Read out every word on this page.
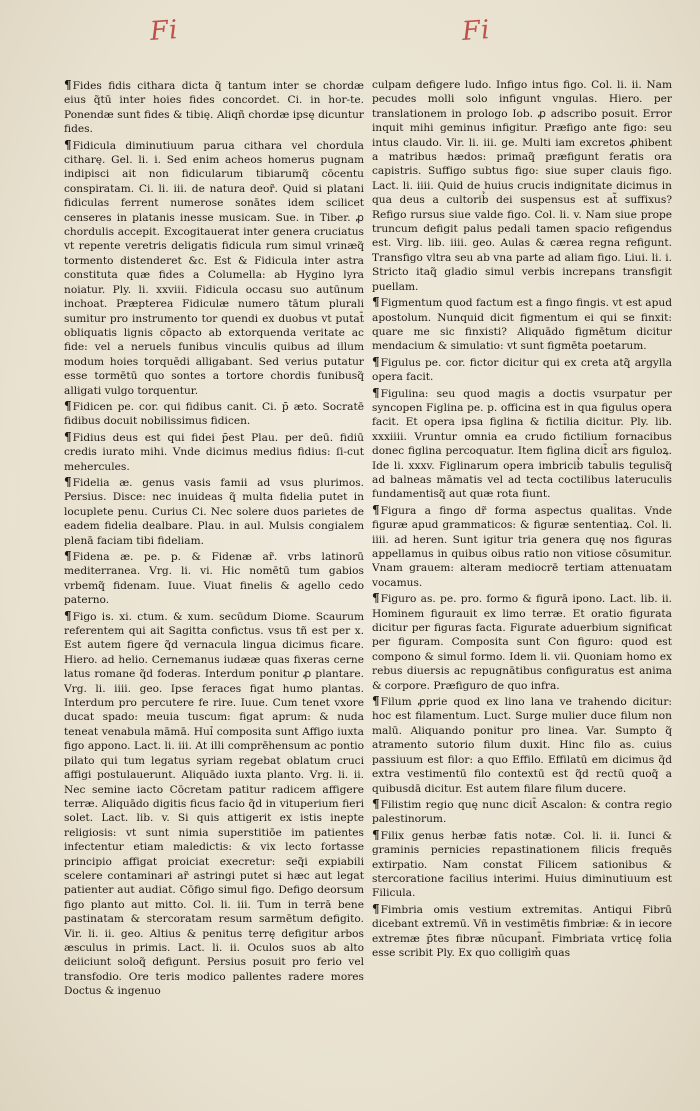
Fi	Fi

¶Fides fidis cithara dicta q̃ tantum inter se chordæ eius q̃tū inter hoies fides concordet. Ci. in hor-te. Ponendæ sunt fides & tibię. Aliqñ chordæ ipsę dicuntur fides.

¶Fidicula diminutiuum parua cithara vel chordula citharę. Gel. li. i. Sed enim acheos homerus pugnam indipisci ait non fidicularum tibiarumq̃ cōcentu conspiratam. Ci. li. iii. de natura deor̃. Quid si platani fidiculas ferrent numerose sonātes idem scilicet censeres in platanis inesse musicam. Sue. in Tiber. ꝓ chordulis accepit. Excogitauerat inter genera cruciatus vt repente veretris deligatis fidicula rum simul vrinæq̃ tormento distenderet &c. Est & Fidicula inter astra constituta quæ fides a Columella: ab Hygino lyra noiatur. Ply. li. xxviii. Fidicula occasu suo autūnum inchoat. Præpterea Fidiculæ numero tātum plurali sumitur pro instrumento tor quendi ex duobus vt putat̄ obliquatis lignis cōpacto ab extorquenda veritate ac fide: vel a neruels funibus vinculis quibus ad illum modum hoies torquēdi alligabant. Sed verius putatur esse tormētū quo sontes a tortore chordis funibusq̃ alligati vulgo torquentur.

¶Fidicen pe. cor. qui fidibus canit. Ci. p̄ æto. Socratē fidibus docuit nobilissimus fidicen.

¶Fidius deus est qui fidei p̄est Plau. per deū. fidiū credis iurato mihi. Vnde dicimus medius fidius: ſi-cut mehercules.

¶Fidelia æ. genus vasis famii ad vsus plurimos. Persius. Disce: nec inuideas q̃ multa fidelia putet in locuplete penu. Curius Ci. Nec solere duos parietes de eadem fidelia dealbare. Plau. in aul. Mulsis congialem plenā faciam tibi fideliam.

¶Fidena æ. pe. p. & Fidenæ ar̃. vrbs latinorū mediterranea. Vrg. li. vi. Hic nomētū tum gabios vrbemq̃ fidenam. Iuue. Viuat finelis & agello cedo paterno.

¶Figo is. xi. ctum. & xum. secūdum Diome. Scaurum referentem qui ait Sagitta confictus. vsus tñ est per x. Est autem figere q̃d vernacula lingua dicimus ficare. Hiero. ad helio. Cernemanus iudææ quas fixeras cerne latus romane q̃d foderas. Interdum ponitur ꝓ plantare. Vrg. li. iiii. geo. Ipse feraces figat humo plantas. Interdum pro percutere fe rire. Iuue. Cum tenet vxore ducat spado: meuia tuscum: figat aprum: & nuda teneat venabula māmā. Huỉ composita sunt Affigo iuxta figo appono. Lact. li. iii. At illi comprēhensum ac pontio pilato qui tum legatus syriam regebat oblatum cruci affigi postulauerunt. Aliquādo iuxta planto. Vrg. li. ii. Nec semine iacto Cōcretam patitur radicem affigere terræ. Aliquādo digitis ficus facio q̃d in vituperium fieri solet. Lact. lib. v. Si quis attigerit ex istis inepte religiosis: vt sunt nimia superstitiōe im patientes infectentur etiam maledictis: & vix lecto fortasse principio affigat proiciat execretur: seq̃i expiabili scelere contaminari ar̃ astringi putet si hæc aut legat patienter aut audiat. Cōfigo simul figo. Defigo deorsum figo planto aut mitto. Col. li. iii. Tum in terrā bene pastinatam & stercoratam resum sarmētum defigito. Vir. li. ii. geo. Altius & penitus terrę defigitur arbos æsculus in primis. Lact. li. ii. Oculos suos ab alto deiiciunt soloq̃ defigunt. Persius posuit pro ferio vel transfodio. Ore teris modico pallentes radere mores Doctus & ingenuo

culpam defigere ludo. Infigo intus figo. Col. li. ii. Nam pecudes molli solo infigunt vngulas. Hiero. per translationem in prologo Iob. ꝓ adscribo posuit. Error inquit mihi geminus infigitur. Præfigo ante figo: seu intus claudo. Vir. li. iii. ge. Multi iam excretos ꝓhibent a matribus hædos: primaq̃ præfigunt feratis ora capistris. Suffigo subtus figo: siue super clauis figo. Lact. li. iiii. Quid de huius crucis indignitate dicimus in qua deus a cultorib̉ dei suspensus est at̃ suffixus? Refigo rursus siue valde figo. Col. li. v. Nam siue prope truncum defigit palus pedali tamen spacio refigendus est. Virg. lib. iiii. geo. Aulas & cærea regna refigunt. Transfigo vltra seu ab vna parte ad aliam figo. Liui. li. i. Stricto itaq̃ gladio simul verbis increpans transfigit puellam.

¶Figmentum quod factum est a fingo fingis. vt est apud apostolum. Nunquid dicit figmentum ei qui se finxit: quare me sic finxisti? Aliquādo figmētum dicitur mendacium & simulatio: vt sunt figmēta poetarum.

¶Figulus pe. cor. fictor dicitur qui ex creta atq̃ argylla opera facit.

¶Figulina: seu quod magis a doctis vsurpatur per syncopen Figlina pe. p. officina est in qua figulus opera facit. Et opera ipsa figlina & fictilia dicitur. Ply. lib. xxxiiii. Vruntur omnia ea crudo fictilium fornacibus donec figlina percoquatur. Item figlina dicit̄ ars figuloꝝ. Ide li. xxxv. Figlinarum opera imbricib̉ tabulis tegulisq̃ ad balneas māmatis vel ad tecta coctilibus lateruculis fundamentisq̃ aut quæ rota fiunt.

¶Figura a fingo dr̃ forma aspectus qualitas. Vnde figuræ apud grammaticos: & figuræ sententiaꝝ. Col. li. iiii. ad heren. Sunt igitur tria genera quę nos figuras appellamus in quibus oibus ratio non vitiose cōsumitur. Vnam grauem: alteram mediocrē tertiam attenuatam vocamus.

¶Figuro as. pe. pro. formo & figurā ipono. Lact. lib. ii. Hominem figurauit ex limo terræ. Et oratio figurata dicitur per figuras facta. Figurate aduerbium significat per figuram. Composita sunt Con figuro: quod est compono & simul formo. Idem li. vii. Quoniam homo ex rebus diuersis ac repugnātibus configuratus est anima & corpore. Præfiguro de quo infra.

¶Filum ꝓprie quod ex lino lana ve trahendo dicitur: hoc est filamentum. Luct. Surge mulier duce filum non malū. Aliquando ponitur pro linea. Var. Sumpto q̃ atramento sutorio filum duxit. Hinc filo as. cuius passiuum est filor: a quo Effilo. Effilatū em dicimus q̃d extra vestimentū filo contextū est q̃d rectū quoq̃ a quibusdā dicitur. Est autem filare filum ducere.

¶Filistim regio quę nunc dicit̄ Ascalon: & contra regio palestinorum.

¶Filix genus herbæ fatis notæ. Col. li. ii. Iunci & graminis pernicies repastinationem filicis frequēs extirpatio. Nam constat Filicem sationibus & stercoratione facilius interimi. Huius diminutiuum est Filicula.

¶Fimbria omis vestium extremitas. Antiqui Fibrū dicebant extremū. Vñ in vestimētis fimbriæ: & in iecore extremæ p̄tes fibræ nūcupant̄. Fimbriata vrticę folia esse scribit Ply. Ex quo colligim̉ quas
